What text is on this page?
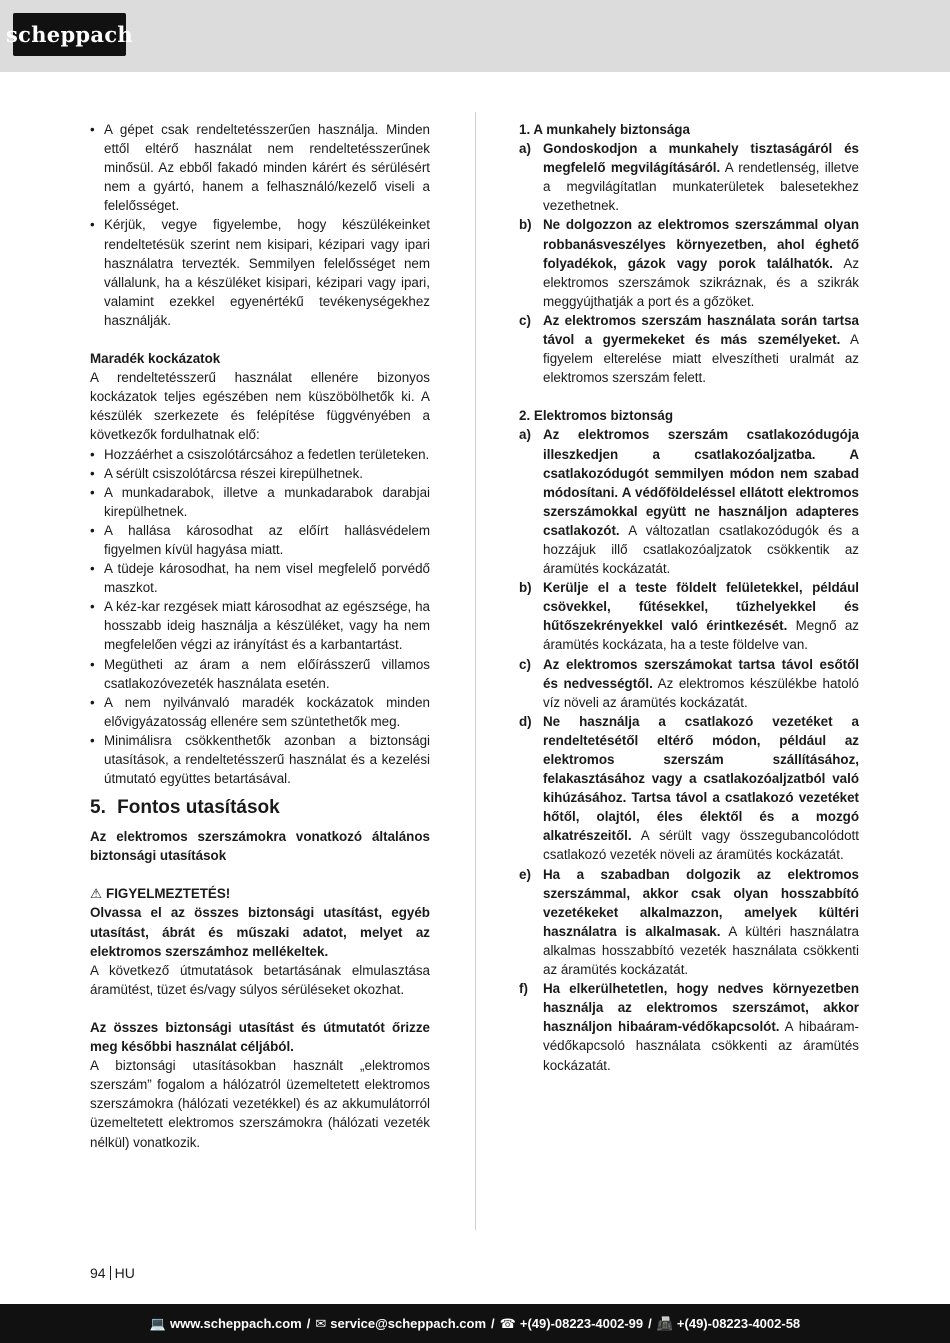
scheppach
• A gépet csak rendeltetésszerűen használja. Minden ettől eltérő használat nem rendeltetésszerűnek minősül. Az ebből fakadó minden kárért és sérülésért nem a gyártó, hanem a felhasználó/kezelő viseli a felelősséget.
• Kérjük, vegye figyelembe, hogy készülékeinket rendeltetésük szerint nem kisipari, kézipari vagy ipari használatra tervezték. Semmilyen felelősséget nem vállalunk, ha a készüléket kisipari, kézipari vagy ipari, valamint ezekkel egyenértékű tevékenységekhez használják.

Maradék kockázatok

A rendeltetésszerű használat ellenére bizonyos kockázatok teljes egészében nem küszöbölhetők ki. A készülék szerkezete és felépítése függvényében a következők fordulhatnak elő:

• Hozzáérhet a csiszolótárcsához a fedetlen területeken.
• A sérült csiszolótárcsa részei kirepülhetnek.
• A munkadarabok, illetve a munkadarabok darabjai kirepülhetnek.
• A hallása károsodhat az előírt hallásvédelem figyelmen kívül hagyása miatt.
• A tüdeje károsodhat, ha nem visel megfelelő porvédő maszkot.
• A kéz-kar rezgések miatt károsodhat az egészsége, ha hosszabb ideig használja a készüléket, vagy ha nem megfelelően végzi az irányítást és a karbantartást.
• Megütheti az áram a nem előírásszerű villamos csatlakozóvezeték használata esetén.
• A nem nyilvánvaló maradék kockázatok minden elővigyázatosság ellenére sem szüntethetők meg.
• Minimálisra csökkenthetők azonban a biztonsági utasítások, a rendeltetésszerű használat és a kezelési útmutató együttes betartásával.
5. Fontos utasítások

Az elektromos szerszámokra vonatkozó általános biztonsági utasítások

⚠ FIGYELMEZTETÉS!

Olvassa el az összes biztonsági utasítást, egyéb utasítást, ábrát és műszaki adatot, melyet az elektromos szerszámhoz mellékeltek.

A következő útmutatások betartásának elmulasztása áramütést, tüzet és/vagy súlyos sérüléseket okozhat.

Az összes biztonsági utasítást és útmutatót őrizze meg későbbi használat céljából.

A biztonsági utasításokban használt „elektromos szerszám” fogalom a hálózatról üzemeltetett elektromos szerszámokra (hálózati vezetékkel) és az akkumulátorról üzemeltetett elektromos szerszámokra (hálózati vezeték nélkül) vonatkozik.

1. A munkahely biztonsága

a) Gondoskodjon a munkahely tisztaságáról és megfelelő megvilágításáról. A rendetlenség, illetve a megvilágítatlan munkaterületek balesetekhez vezethetnek.
b) Ne dolgozzon az elektromos szerszámmal olyan robbanásveszélyes környezetben, ahol éghető folyadékok, gázok vagy porok találhatók. Az elektromos szerszámok szikráznak, és a szikrák meggyújthatják a port és a gőzöket.
c) Az elektromos szerszám használata során tartsa távol a gyermekeket és más személyeket. A figyelem elterelése miatt elveszítheti uralmát az elektromos szerszám felett.

2. Elektromos biztonság

a) Az elektromos szerszám csatlakozódugója illeszkedjen a csatlakozóaljzatba. A csatlakozódugót semmilyen módon nem szabad módosítani. A védőföldeléssel ellátott elektromos szerszámokkal együtt ne használjon adapteres csatlakozót. A változatlan csatlakozódugók és a hozzájuk illő csatlakozóaljzatok csökkentik az áramütés kockázatát.
b) Kerülje el a teste földelt felületekkel, például csövekkel, fűtésekkel, tűzhelyekkel és hűtőszekrényekkel való érintkezését. Megnő az áramütés kockázata, ha a teste földelve van.
c) Az elektromos szerszámokat tartsa távol esőtől és nedvességtől. Az elektromos készülékbe hatoló víz növeli az áramütés kockázatát.
d) Ne használja a csatlakozó vezetéket a rendeltetésétől eltérő módon, például az elektromos szerszám szállításához, felakasztásához vagy a csatlakozóaljzatból való kihúzásához. Tartsa távol a csatlakozó vezetéket hőtől, olajtól, éles élektől és a mozgó alkatrészeitől. A sérült vagy összegubancolódott csatlakozó vezeték növeli az áramütés kockázatát.
e) Ha a szabadban dolgozik az elektromos szerszámmal, akkor csak olyan hosszabbító vezetékeket alkalmazzon, amelyek kültéri használatra is alkalmasak. A kültéri használatra alkalmas hosszabbító vezeték használata csökkenti az áramütés kockázatát.
f) Ha elkerülhetetlen, hogy nedves környezetben használja az elektromos szerszámot, akkor használjon hibaáram-védőkapcsolót. A hibaáram-védőkapcsoló használata csökkenti az áramütés kockázatát.
94 HU
💻 www.scheppach.com / ✉ service@scheppach.com / ☎ +(49)-08223-4002-99 / 📠 +(49)-08223-4002-58
